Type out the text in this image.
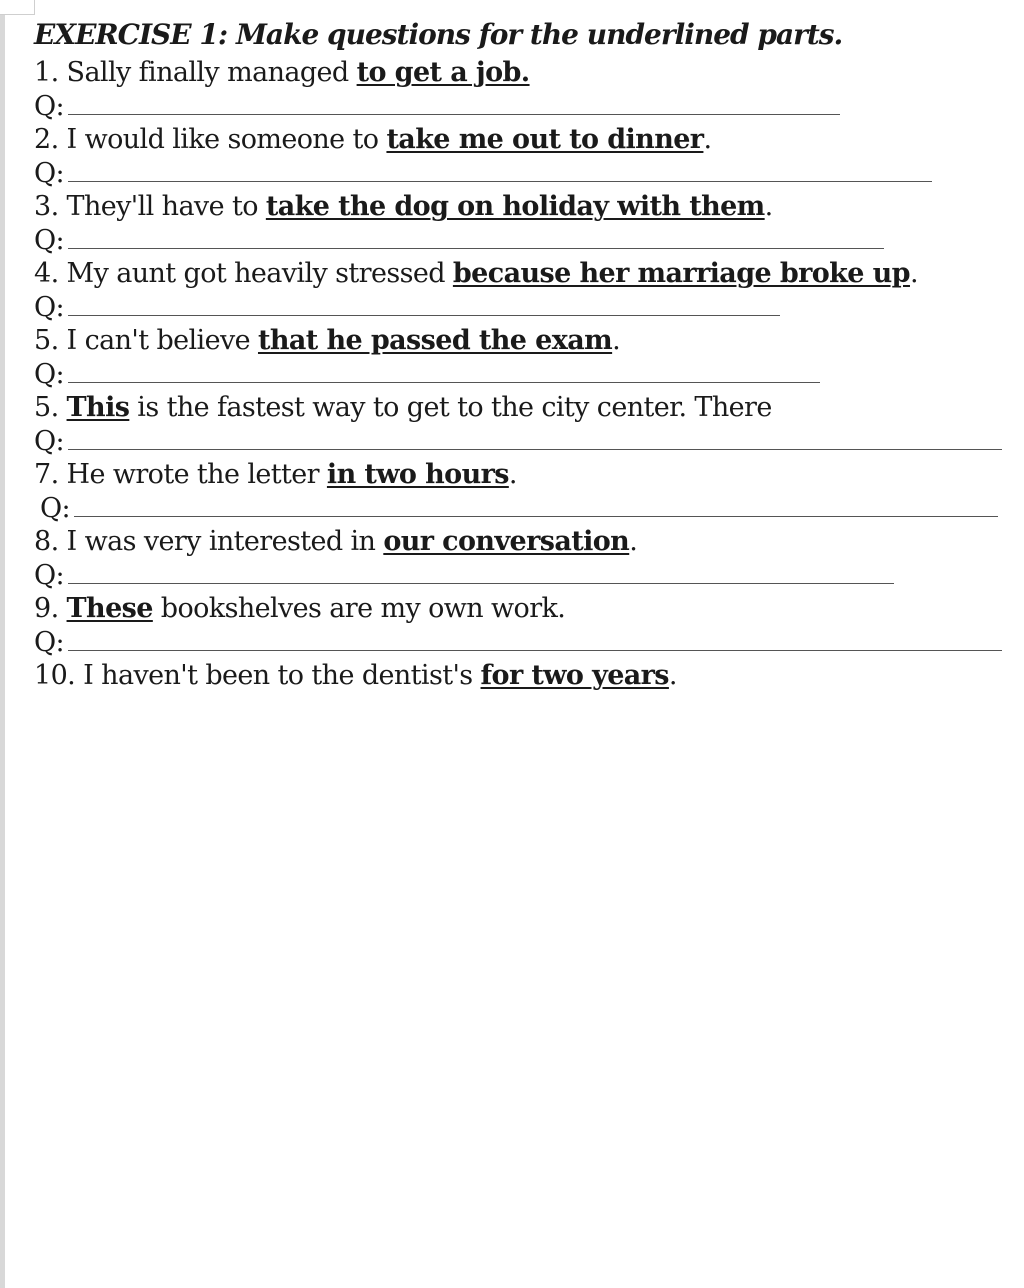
EXERCISE 1: Make questions for the underlined parts.
1. Sally finally managed to get a job.
Q:
2. I would like someone to take me out to dinner.
Q:
3. They'll have to take the dog on holiday with them.
Q:
4. My aunt got heavily stressed because her marriage broke up.
Q:
5. I can't believe that he passed the exam.
Q:
5. This is the fastest way to get to the city center. There
Q:
7. He wrote the letter in two hours.
Q:
8. I was very interested in our conversation.
Q:
9. These bookshelves are my own work.
Q:
10. I haven't been to the dentist's for two years.
